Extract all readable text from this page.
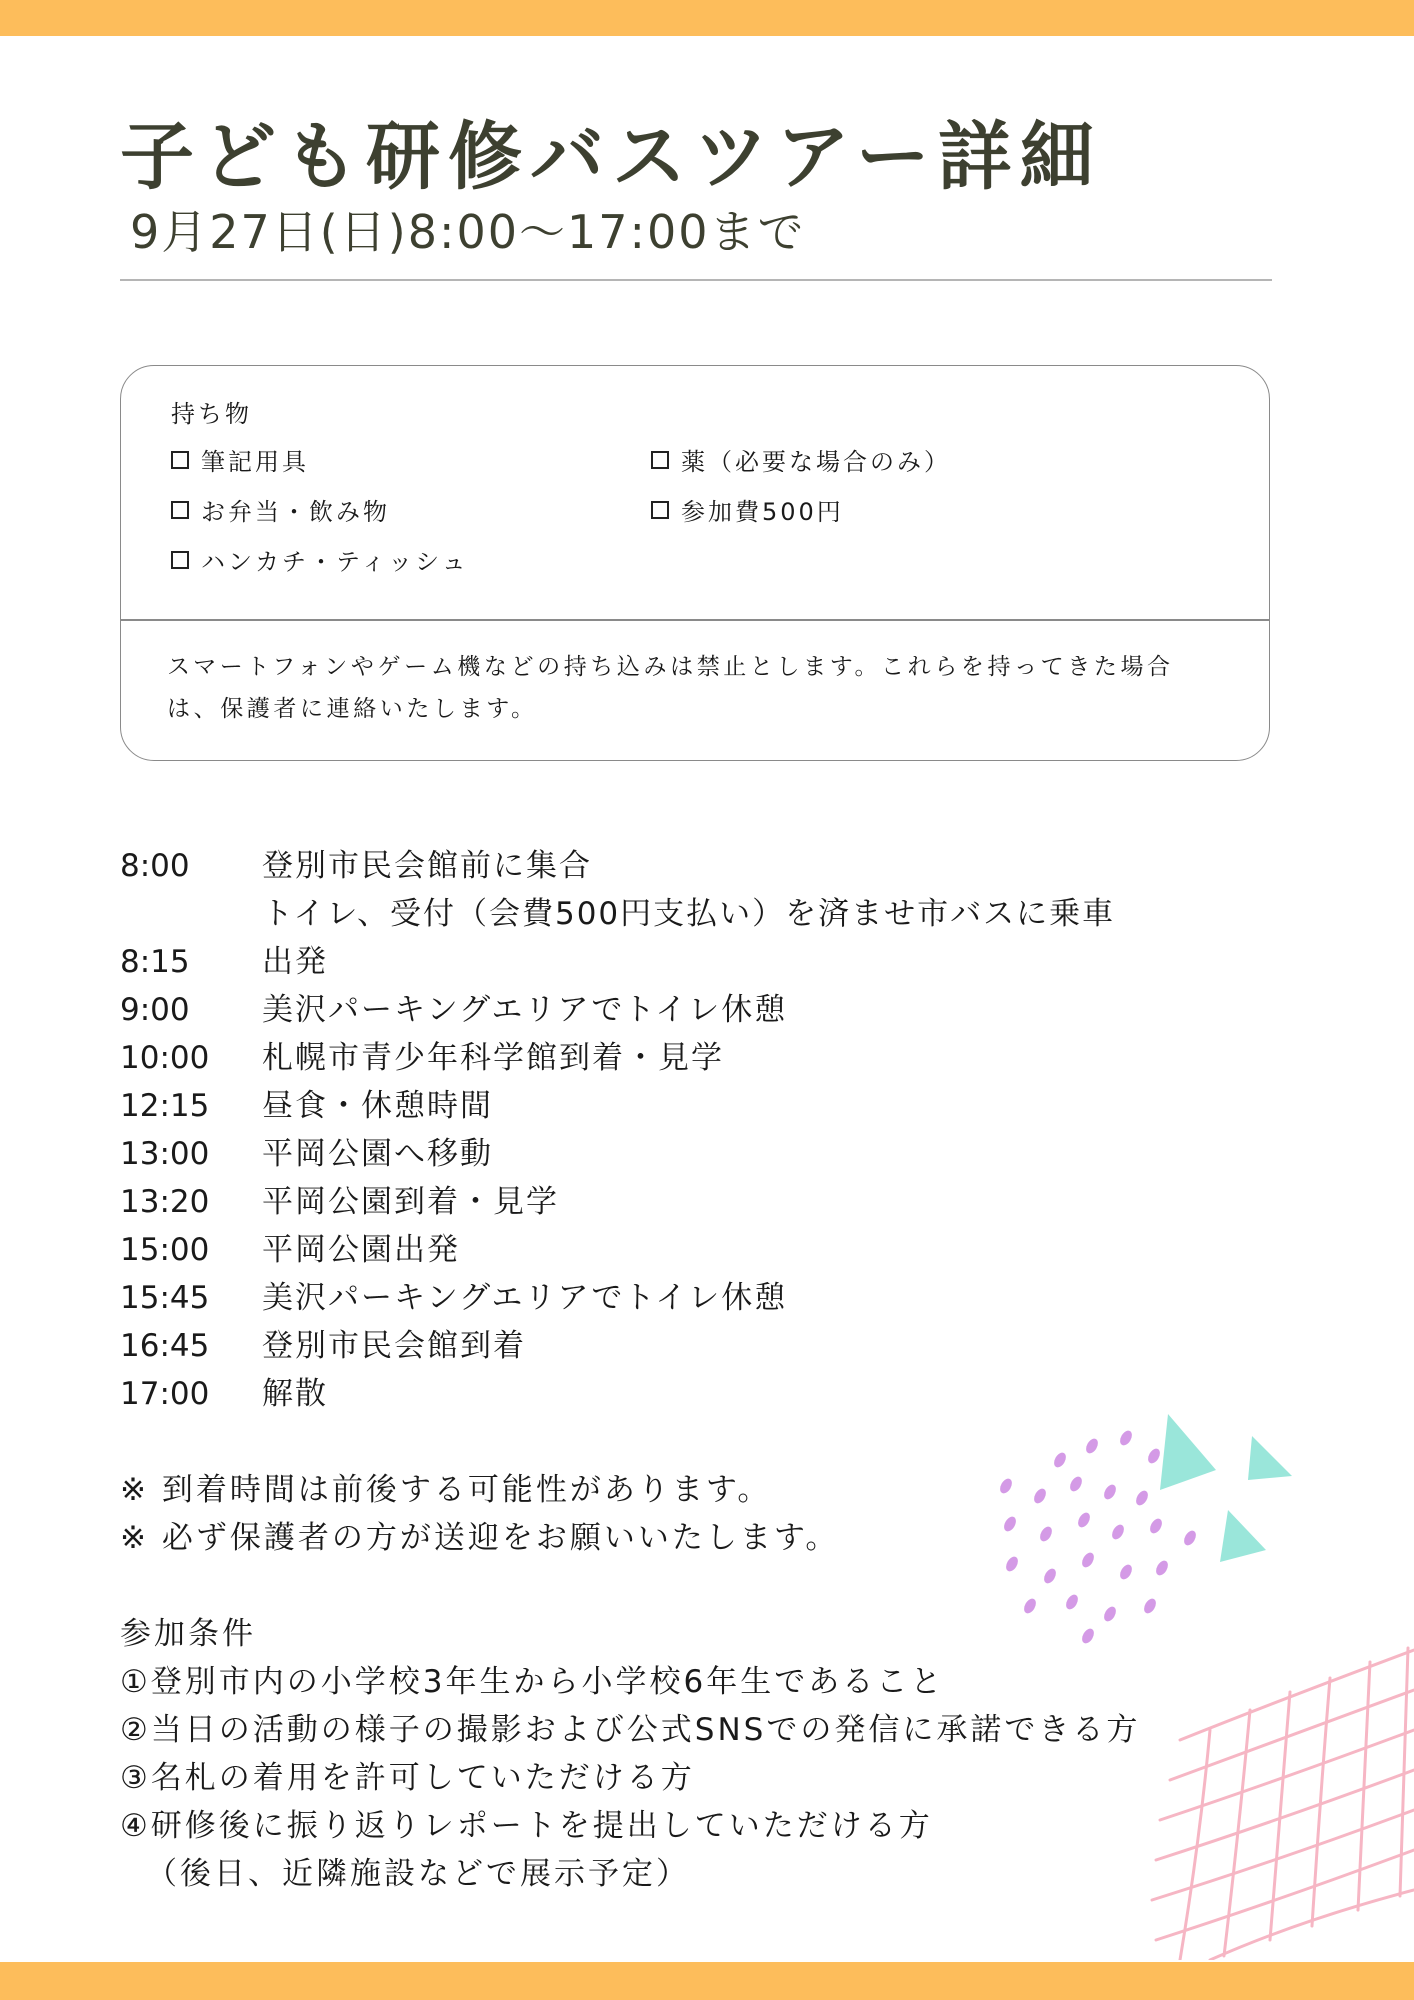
子ども研修バスツアー詳細
9月27日(日)8:00～17:00まで
持ち物
筆記用具
お弁当・飲み物
ハンカチ・ティッシュ
薬（必要な場合のみ）
参加費500円
スマートフォンやゲーム機などの持ち込みは禁止とします。これらを持ってきた場合は、保護者に連絡いたします。
8:00	登別市民会館前に集合
トイレ、受付（会費500円支払い）を済ませ市バスに乗車
8:15	出発
9:00	美沢パーキングエリアでトイレ休憩
10:00	札幌市青少年科学館到着・見学
12:15	昼食・休憩時間
13:00	平岡公園へ移動
13:20	平岡公園到着・見学
15:00	平岡公園出発
15:45	美沢パーキングエリアでトイレ休憩
16:45	登別市民会館到着
17:00	解散
※ 到着時間は前後する可能性があります。
※ 必ず保護者の方が送迎をお願いいたします。
参加条件
①登別市内の小学校3年生から小学校6年生であること
②当日の活動の様子の撮影および公式SNSでの発信に承諾できる方
③名札の着用を許可していただける方
④研修後に振り返りレポートを提出していただける方
（後日、近隣施設などで展示予定）
